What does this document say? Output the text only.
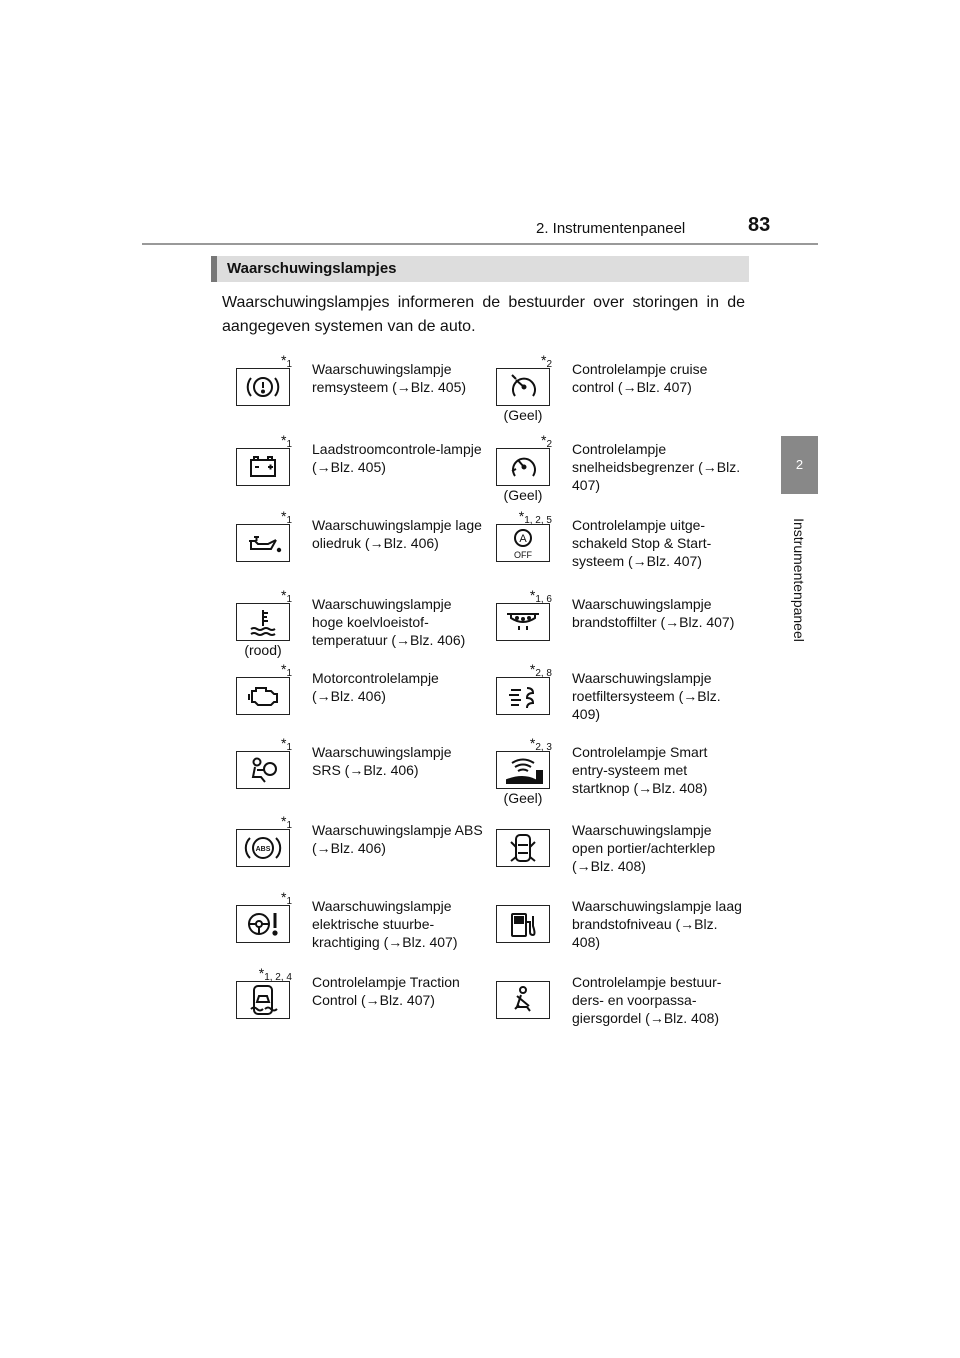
2. Instrumentenpaneel	83
2
Instrumentenpaneel
Waarschuwingslampjes
Waarschuwingslampjes informeren de bestuurder over storingen in de aangegeven systemen van de auto.
$*_1$ Waarschuwingslampje remsysteem (→Blz. 405)
$*_1$ Laadstroomcontrole-lampje (→Blz. 405)
$*_1$ Waarschuwingslampje lage oliedruk (→Blz. 406)
$*_1$
(rood)
Waarschuwingslampje hoge koelvloeistof-temperatuur (→Blz. 406)
$*_1$ Motorcontrolelampje (→Blz. 406)
$*_1$ Waarschuwingslampje SRS (→Blz. 406)
$*_1$ Waarschuwingslampje ABS (→Blz. 406)
$*_1$ Waarschuwingslampje elektrische stuurbe-krachtiging (→Blz. 407)
$*_{1, 2, 4}$ Controlelampje Traction Control (→Blz. 407)
$*_2$
(Geel)
Controlelampje cruise control (→Blz. 407)
$*_2$
(Geel)
Controlelampje snelheidsbegrenzer (→Blz. 407)
$*_{1, 2, 5}$ Controlelampje uitge-schakeld Stop & Start-systeem (→Blz. 407)
$*_{1, 6}$ Waarschuwingslampje brandstoffilter (→Blz. 407)
$*_{2, 8}$ Waarschuwingslampje roetfiltersysteem (→Blz. 409)
$*_{2, 3}$
(Geel)
Controlelampje Smart entry-systeem met startknop (→Blz. 408)
Waarschuwingslampje open portier/achterklep (→Blz. 408)
Waarschuwingslampje laag brandstofniveau (→Blz. 408)
Controlelampje bestuur-ders- en voorpassa-giersgordel (→Blz. 408)
